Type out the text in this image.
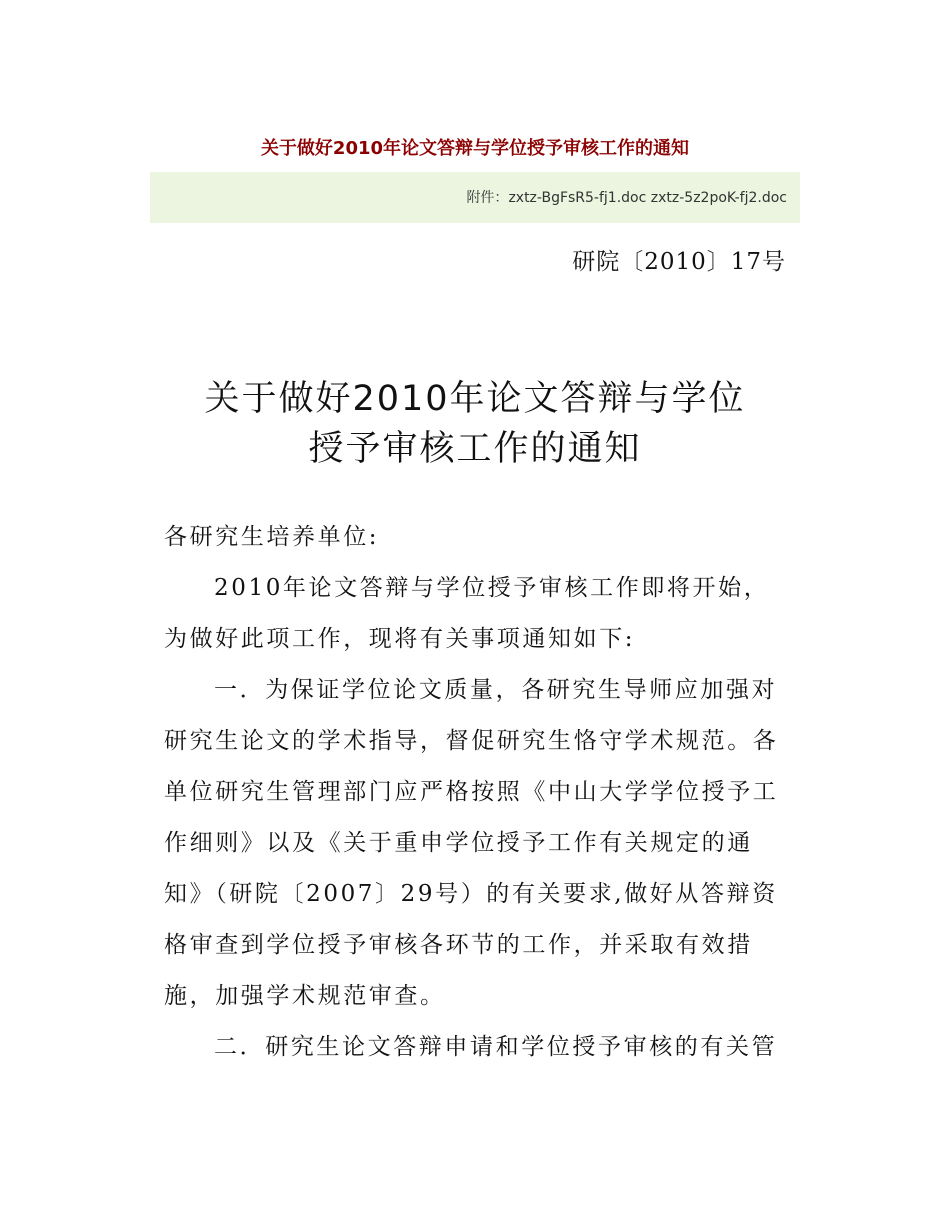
关于做好2010年论文答辩与学位授予审核工作的通知
附件：zxtz-BgFsR5-fj1.doc zxtz-5z2poK-fj2.doc
研院〔2010〕17号
关于做好2010年论文答辩与学位
授予审核工作的通知

各研究生培养单位:

2010年论文答辩与学位授予审核工作即将开始，为做好此项工作，现将有关事项通知如下:

一．为保证学位论文质量，各研究生导师应加强对研究生论文的学术指导，督促研究生恪守学术规范。各单位研究生管理部门应严格按照《中山大学学位授予工作细则》以及《关于重申学位授予工作有关规定的通知》（研院〔2007〕29号）的有关要求,做好从答辩资格审查到学位授予审核各环节的工作，并采取有效措施，加强学术规范审查。

二．研究生论文答辩申请和学位授予审核的有关管
